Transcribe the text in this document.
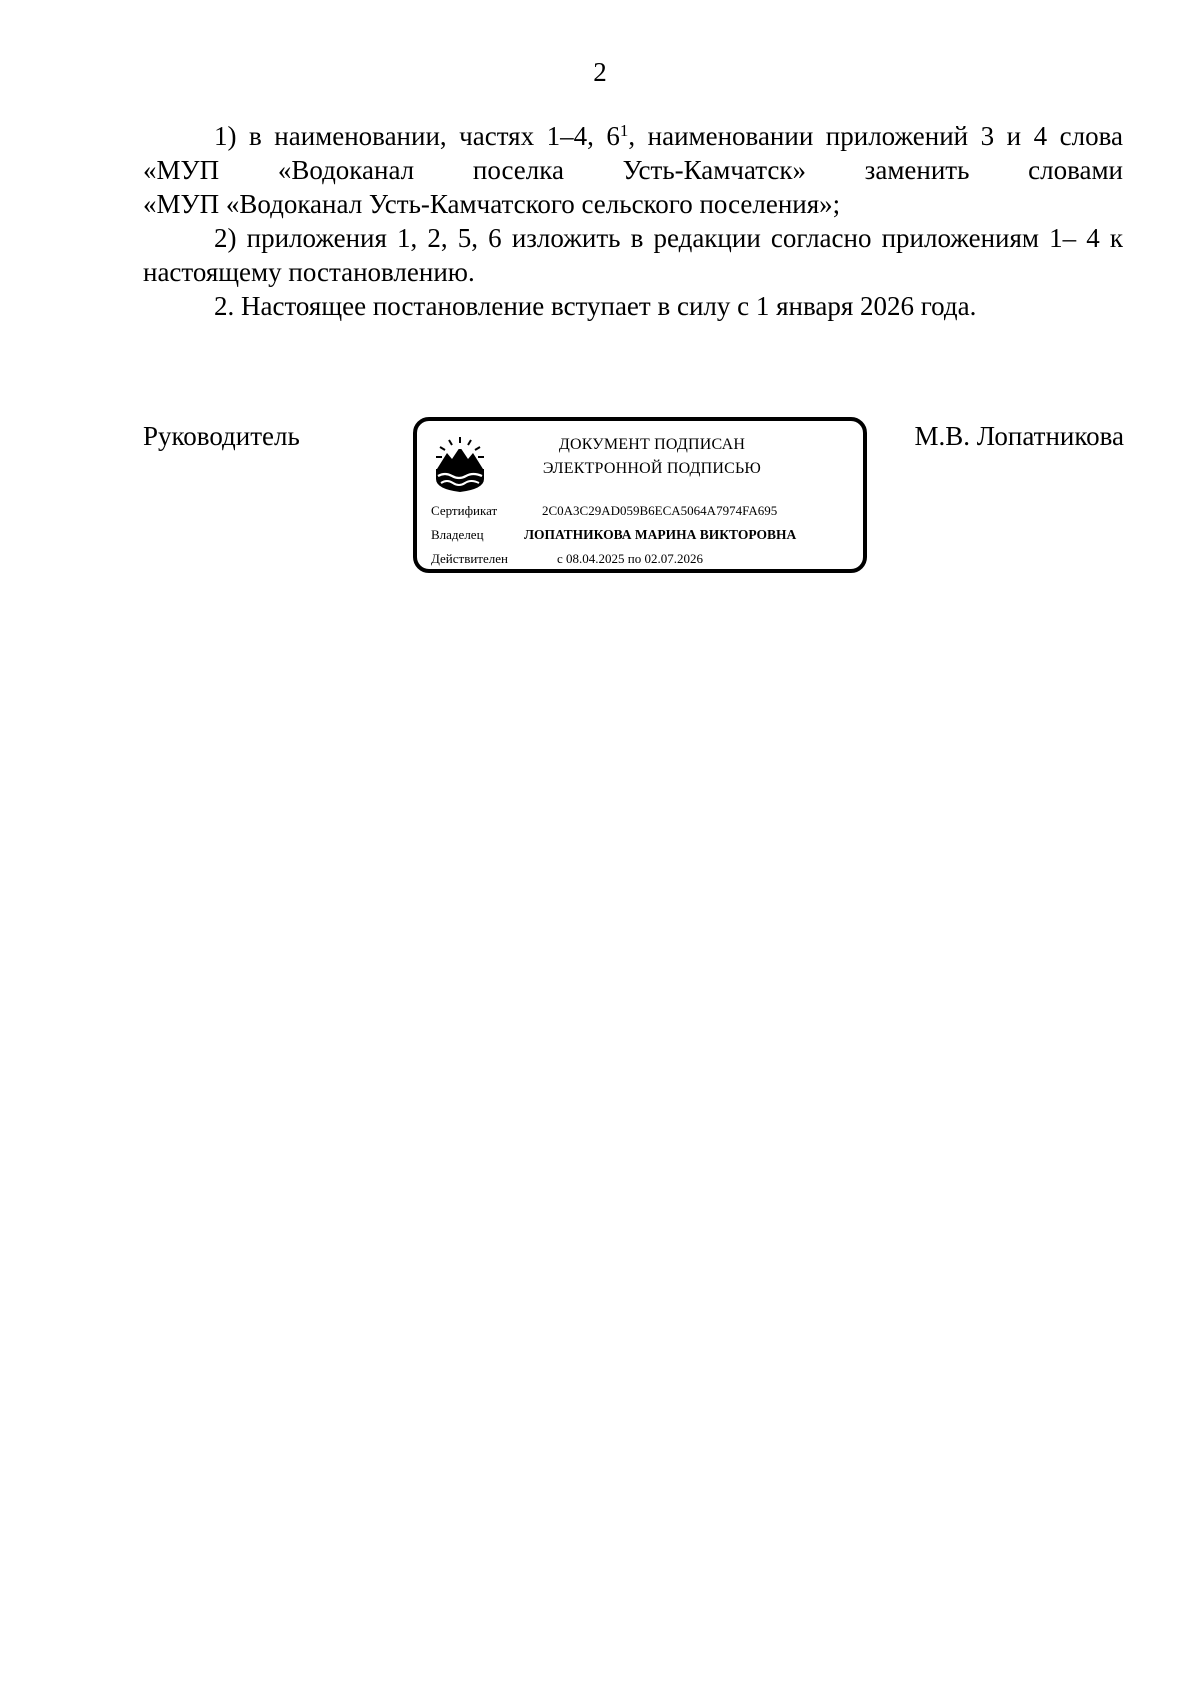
2

1) в наименовании, частях 1–4, $6^1$, наименовании приложений 3 и 4 слова
«МУП «Водоканал поселка Усть-Камчатск» заменить словами
«МУП «Водоканал Усть-Камчатского сельского поселения»;

2) приложения 1, 2, 5, 6 изложить в редакции согласно приложениям 1– 4 к
настоящему постановлению.

2. Настоящее постановление вступает в силу с 1 января 2026 года.

Руководитель	М.В. Лопатникова

ДОКУМЕНТ ПОДПИСАН
ЭЛЕКТРОННОЙ ПОДПИСЬЮ
Сертификат	2C0A3C29AD059B6ECA5064A7974FA695
Владелец	ЛОПАТНИКОВА МАРИНА ВИКТОРОВНА
Действителен	с 08.04.2025 по 02.07.2026
